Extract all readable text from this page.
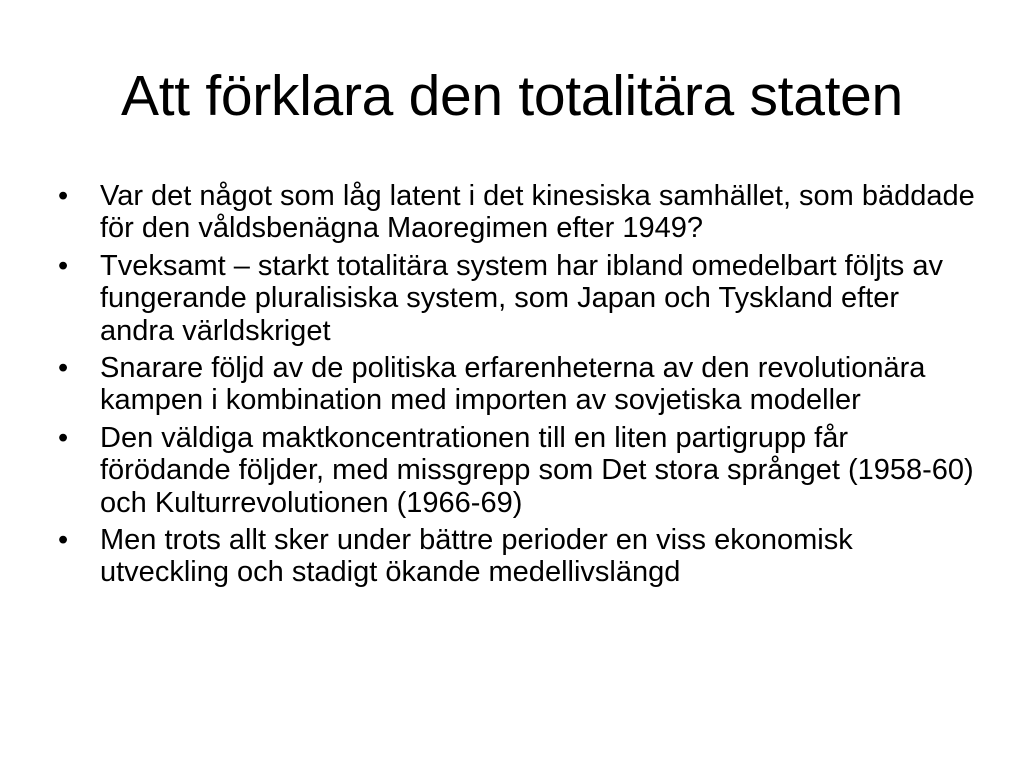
Att förklara den totalitära staten
•	Var det något som låg latent i det kinesiska samhället, som bäddade för den våldsbenägna Maoregimen efter 1949?
•	Tveksamt – starkt totalitära system har ibland omedelbart följts av fungerande pluralisiska system, som Japan och Tyskland efter andra världskriget
•	Snarare följd av de politiska erfarenheterna av den revolutionära kampen i kombination med importen av sovjetiska modeller
•	Den väldiga maktkoncentrationen till en liten partigrupp får förödande följder, med missgrepp som Det stora språnget (1958-60) och Kulturrevolutionen (1966-69)
•	Men trots allt sker under bättre perioder en viss ekonomisk utveckling och stadigt ökande medellivslängd
